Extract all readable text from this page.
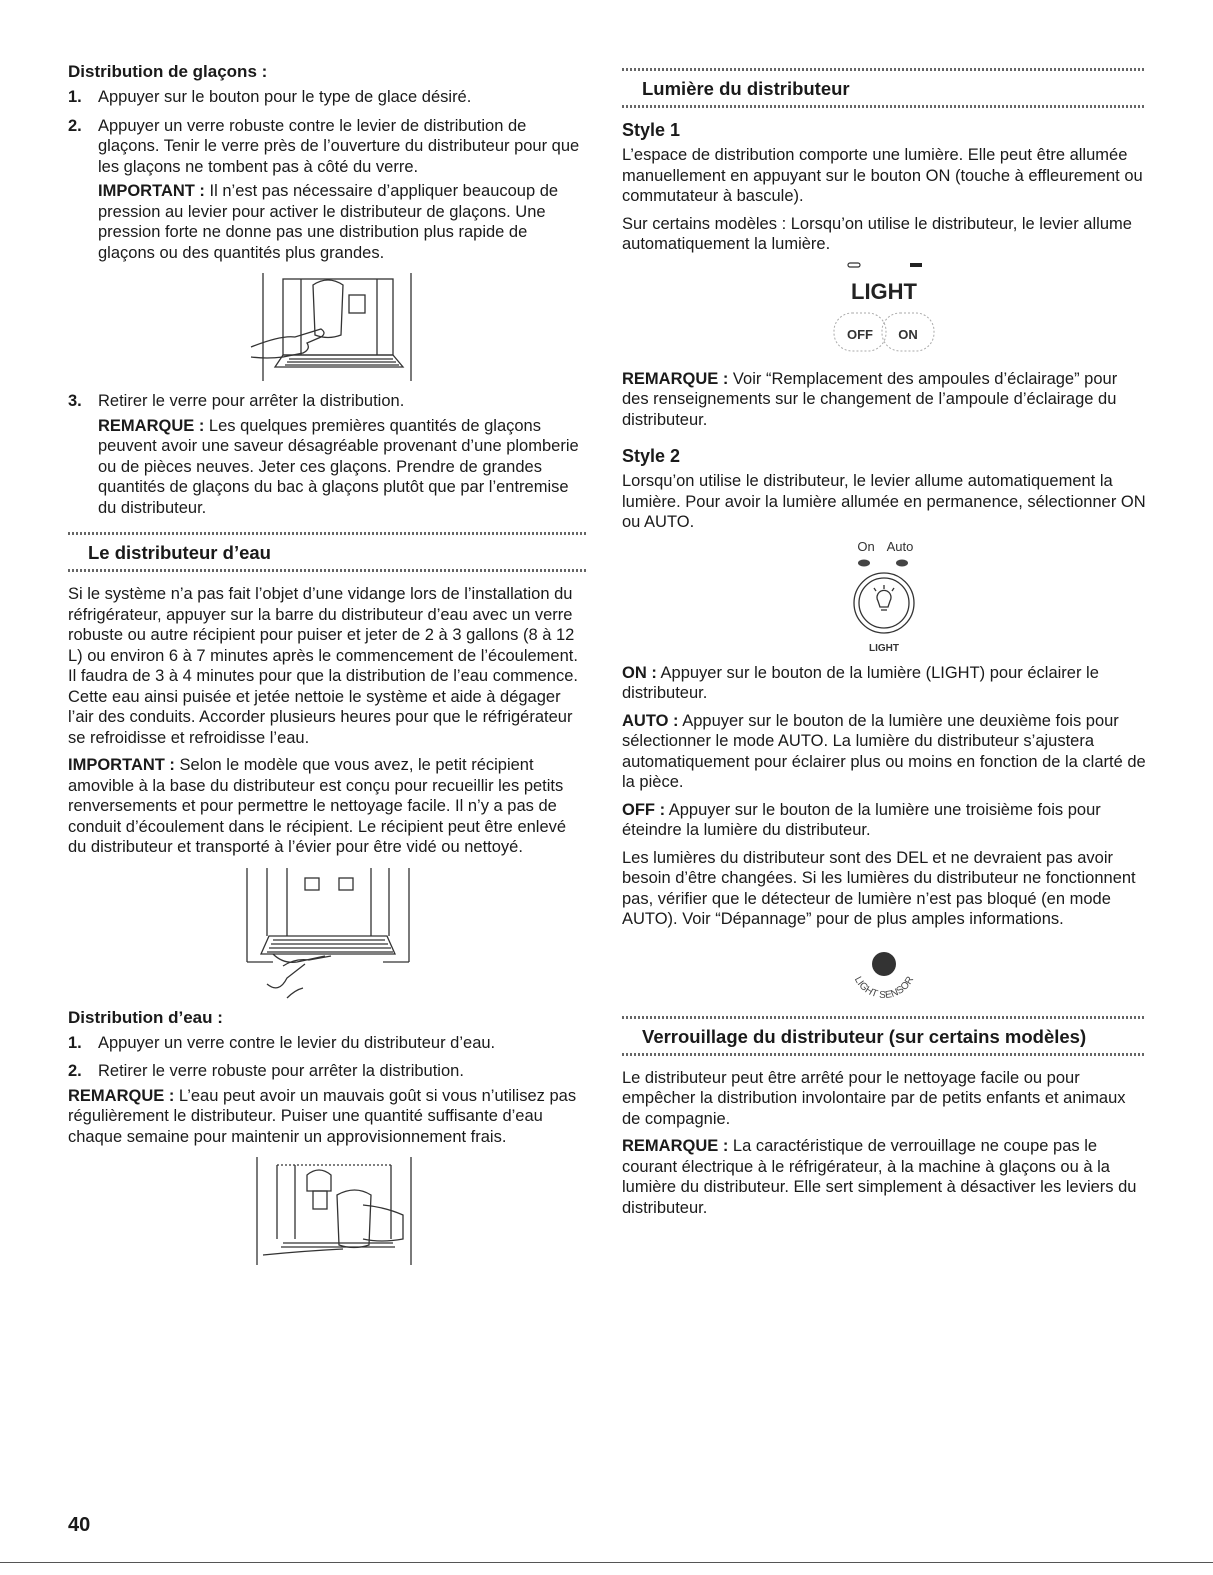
Distribution de glaçons :
1. Appuyer sur le bouton pour le type de glace désiré.
2. Appuyer un verre robuste contre le levier de distribution de glaçons. Tenir le verre près de l’ouverture du distributeur pour que les glaçons ne tombent pas à côté du verre.

IMPORTANT : Il n’est pas nécessaire d’appliquer beaucoup de pression au levier pour activer le distributeur de glaçons. Une pression forte ne donne pas une distribution plus rapide de glaçons ou des quantités plus grandes.

3. Retirer le verre pour arrêter la distribution.

REMARQUE : Les quelques premières quantités de glaçons peuvent avoir une saveur désagréable provenant d’une plomberie ou de pièces neuves. Jeter ces glaçons. Prendre de grandes quantités de glaçons du bac à glaçons plutôt que par l’entremise du distributeur.

Le distributeur d’eau

Si le système n’a pas fait l’objet d’une vidange lors de l’installation du réfrigérateur, appuyer sur la barre du distributeur d’eau avec un verre robuste ou autre récipient pour puiser et jeter de 2 à 3 gallons (8 à 12 L) ou environ 6 à 7 minutes après le commencement de l’écoulement. Il faudra de 3 à 4 minutes pour que la distribution de l’eau commence. Cette eau ainsi puisée et jetée nettoie le système et aide à dégager l’air des conduits. Accorder plusieurs heures pour que le réfrigérateur se refroidisse et refroidisse l’eau.

IMPORTANT : Selon le modèle que vous avez, le petit récipient amovible à la base du distributeur est conçu pour recueillir les petits renversements et pour permettre le nettoyage facile. Il n’y a pas de conduit d’écoulement dans le récipient. Le récipient peut être enlevé du distributeur et transporté à l’évier pour être vidé ou nettoyé.

Distribution d’eau :
1. Appuyer un verre contre le levier du distributeur d’eau.
2. Retirer le verre robuste pour arrêter la distribution.

REMARQUE : L’eau peut avoir un mauvais goût si vous n’utilisez pas régulièrement le distributeur. Puiser une quantité suffisante d’eau chaque semaine pour maintenir un approvisionnement frais.

Lumière du distributeur
Style 1

L’espace de distribution comporte une lumière. Elle peut être allumée manuellement en appuyant sur le bouton ON (touche à effleurement ou commutateur à bascule).

Sur certains modèles : Lorsqu’on utilise le distributeur, le levier allume automatiquement la lumière.

LIGHT
OFF ON

REMARQUE : Voir “Remplacement des ampoules d’éclairage” pour des renseignements sur le changement de l’ampoule d’éclairage du distributeur.

Style 2

Lorsqu’on utilise le distributeur, le levier allume automatiquement la lumière. Pour avoir la lumière allumée en permanence, sélectionner ON ou AUTO.

On Auto
LIGHT

ON : Appuyer sur le bouton de la lumière (LIGHT) pour éclairer le distributeur.

AUTO : Appuyer sur le bouton de la lumière une deuxième fois pour sélectionner le mode AUTO. La lumière du distributeur s’ajustera automatiquement pour éclairer plus ou moins en fonction de la clarté de la pièce.

OFF : Appuyer sur le bouton de la lumière une troisième fois pour éteindre la lumière du distributeur.

Les lumières du distributeur sont des DEL et ne devraient pas avoir besoin d’être changées. Si les lumières du distributeur ne fonctionnent pas, vérifier que le détecteur de lumière n’est pas bloqué (en mode AUTO). Voir “Dépannage” pour de plus amples informations.

LIGHT SENSOR
Verrouillage du distributeur (sur certains modèles)

Le distributeur peut être arrêté pour le nettoyage facile ou pour empêcher la distribution involontaire par de petits enfants et animaux de compagnie.

REMARQUE : La caractéristique de verrouillage ne coupe pas le courant électrique à le réfrigérateur, à la machine à glaçons ou à la lumière du distributeur. Elle sert simplement à désactiver les leviers du distributeur.

40
